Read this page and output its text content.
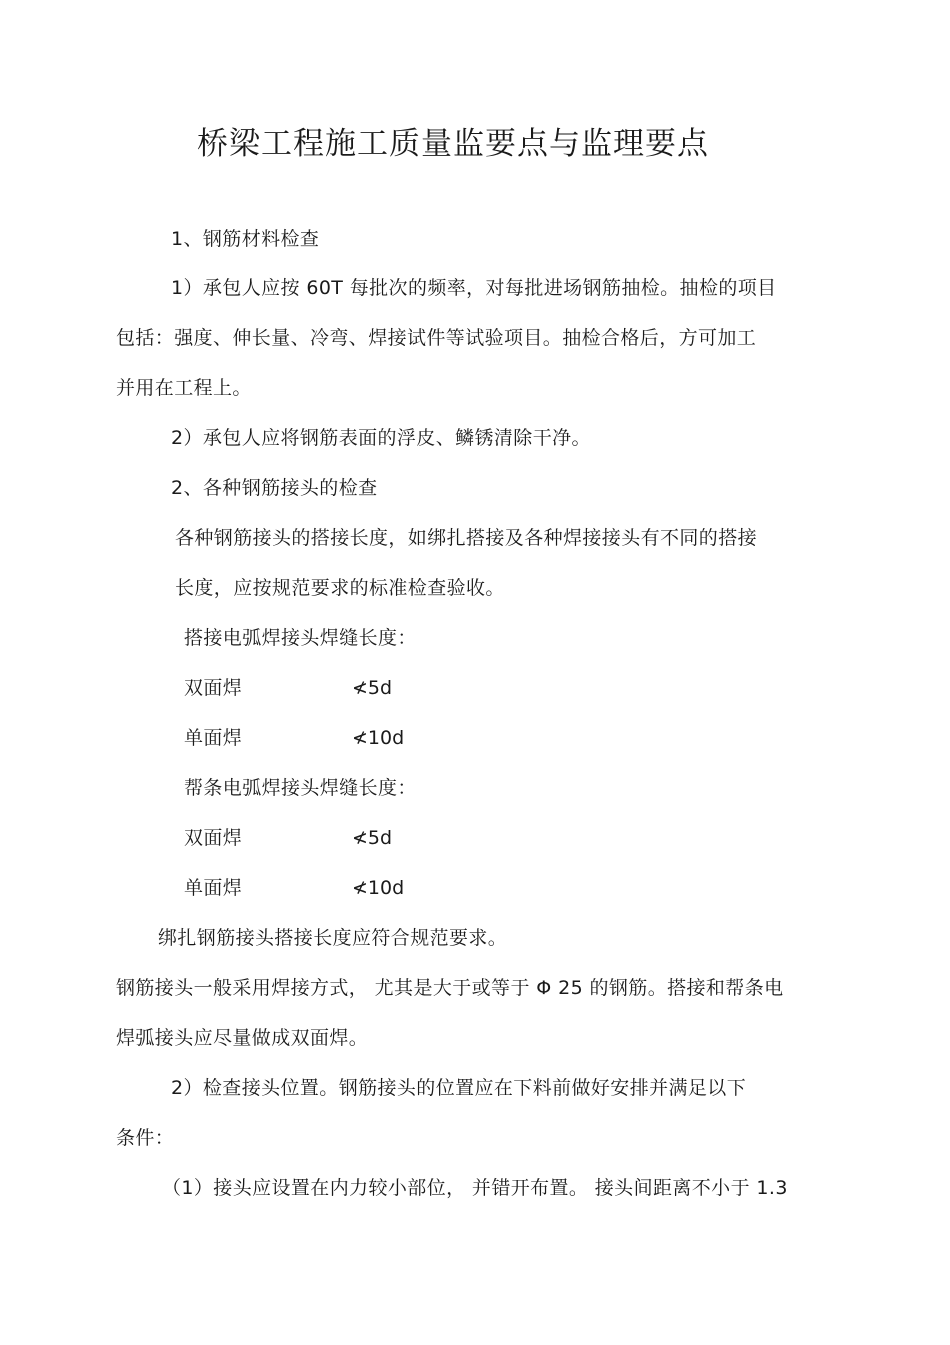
桥梁工程施工质量监要点与监理要点
1、钢筋材料检查
1）承包人应按 60T 每批次的频率，对每批进场钢筋抽检。抽检的项目
包括：强度、伸长量、冷弯、焊接试件等试验项目。抽检合格后，方可加工
并用在工程上。
2）承包人应将钢筋表面的浮皮、鳞锈清除干净。
2、各种钢筋接头的检查
各种钢筋接头的搭接长度，如绑扎搭接及各种焊接接头有不同的搭接
长度，应按规范要求的标准检查验收。
搭接电弧焊接头焊缝长度：
双面焊	≮5d
单面焊	≮10d
帮条电弧焊接头焊缝长度：
双面焊	≮5d
单面焊	≮10d
绑扎钢筋接头搭接长度应符合规范要求。
钢筋接头一般采用焊接方式， 尤其是大于或等于 Φ 25 的钢筋。搭接和帮条电
焊弧接头应尽量做成双面焊。
2）检查接头位置。钢筋接头的位置应在下料前做好安排并满足以下
条件：
（1）接头应设置在内力较小部位， 并错开布置。 接头间距离不小于 1.3
